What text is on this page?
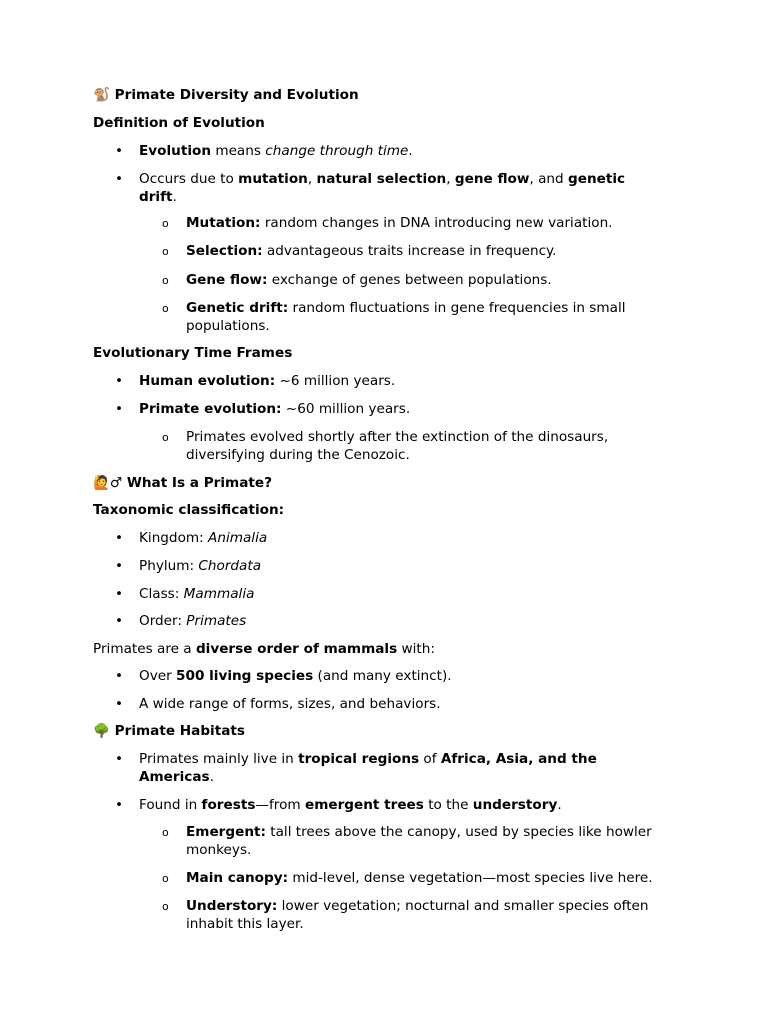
🐒 Primate Diversity and Evolution
Definition of Evolution
•	Evolution means change through time.
•	Occurs due to mutation, natural selection, gene flow, and genetic drift.
o	Mutation: random changes in DNA introducing new variation.
o	Selection: advantageous traits increase in frequency.
o	Gene flow: exchange of genes between populations.
o	Genetic drift: random fluctuations in gene frequencies in small populations.
Evolutionary Time Frames
•	Human evolution: ~6 million years.
•	Primate evolution: ~60 million years.
o	Primates evolved shortly after the extinction of the dinosaurs, diversifying during the Cenozoic.
🙋♂ What Is a Primate?
Taxonomic classification:
•	Kingdom: Animalia
•	Phylum: Chordata
•	Class: Mammalia
•	Order: Primates
Primates are a diverse order of mammals with:
•	Over 500 living species (and many extinct).
•	A wide range of forms, sizes, and behaviors.
🌳 Primate Habitats
•	Primates mainly live in tropical regions of Africa, Asia, and the Americas.
•	Found in forests—from emergent trees to the understory.
o	Emergent: tall trees above the canopy, used by species like howler monkeys.
o	Main canopy: mid-level, dense vegetation—most species live here.
o	Understory: lower vegetation; nocturnal and smaller species often inhabit this layer.
